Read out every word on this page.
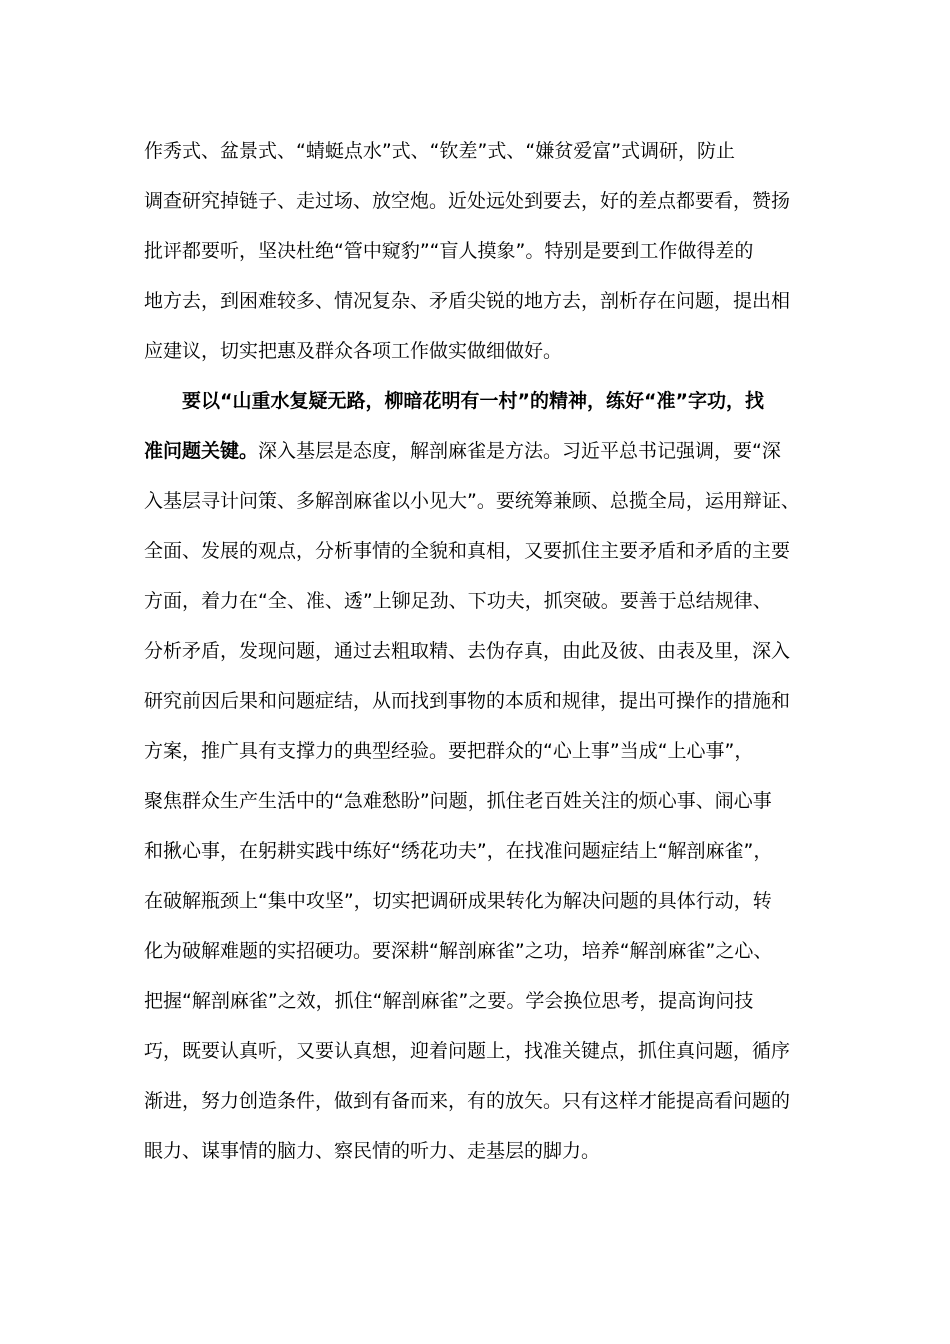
作秀式、盆景式、“蜻蜓点水”式、“钦差”式、“嫌贫爱富”式调研，防止
调查研究掉链子、走过场、放空炮。近处远处到要去，好的差点都要看，赞扬
批评都要听，坚决杜绝“管中窥豹”“盲人摸象”。特别是要到工作做得差的
地方去，到困难较多、情况复杂、矛盾尖锐的地方去，剖析存在问题，提出相
应建议，切实把惠及群众各项工作做实做细做好。
要以“山重水复疑无路，柳暗花明有一村”的精神，练好“准”字功，找
准问题关键。深入基层是态度，解剖麻雀是方法。习近平总书记强调，要“深
入基层寻计问策、多解剖麻雀以小见大”。要统筹兼顾、总揽全局，运用辩证、
全面、发展的观点，分析事情的全貌和真相，又要抓住主要矛盾和矛盾的主要
方面，着力在“全、准、透”上铆足劲、下功夫，抓突破。要善于总结规律、
分析矛盾，发现问题，通过去粗取精、去伪存真，由此及彼、由表及里，深入
研究前因后果和问题症结，从而找到事物的本质和规律，提出可操作的措施和
方案，推广具有支撑力的典型经验。要把群众的“心上事”当成“上心事”，
聚焦群众生产生活中的“急难愁盼”问题，抓住老百姓关注的烦心事、闹心事
和揪心事，在躬耕实践中练好“绣花功夫”，在找准问题症结上“解剖麻雀”，
在破解瓶颈上“集中攻坚”，切实把调研成果转化为解决问题的具体行动，转
化为破解难题的实招硬功。要深耕“解剖麻雀”之功，培养“解剖麻雀”之心、
把握“解剖麻雀”之效，抓住“解剖麻雀”之要。学会换位思考，提高询问技
巧，既要认真听，又要认真想，迎着问题上，找准关键点，抓住真问题，循序
渐进，努力创造条件，做到有备而来，有的放矢。只有这样才能提高看问题的
眼力、谋事情的脑力、察民情的听力、走基层的脚力。
